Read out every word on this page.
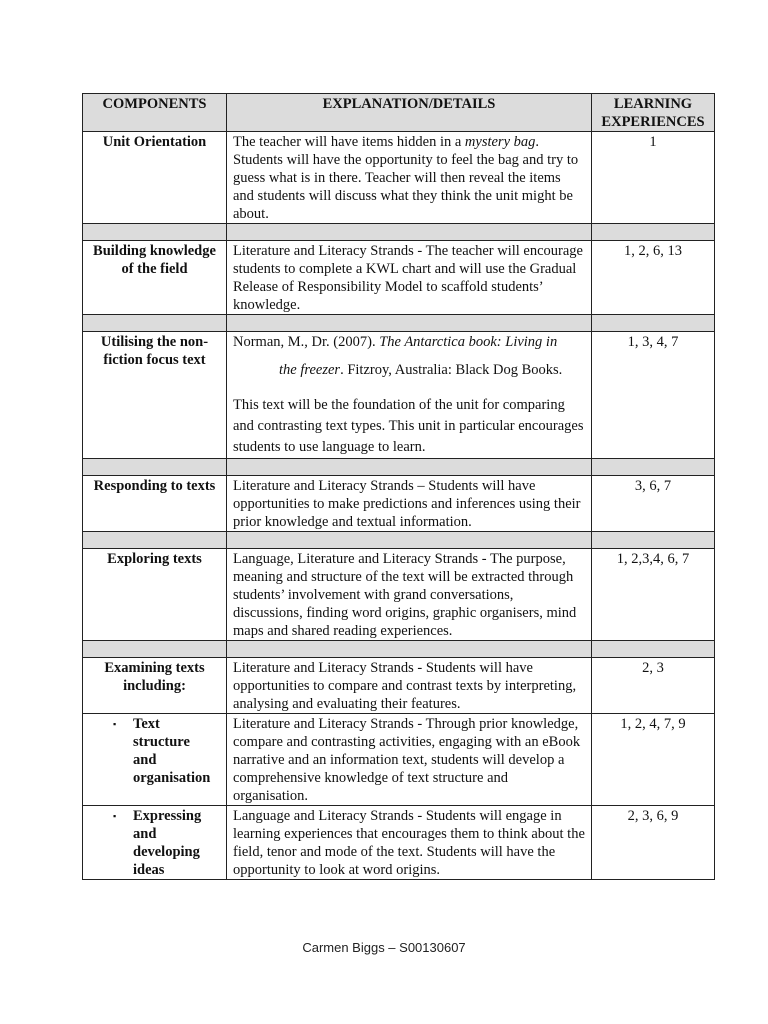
COMPONENTS	EXPLANATION/DETAILS	LEARNING EXPERIENCES
Unit Orientation	The teacher will have items hidden in a mystery bag. Students will have the opportunity to feel the bag and try to guess what is in there. Teacher will then reveal the items and students will discuss what they think the unit might be about.	1

Building knowledge of the field	Literature and Literacy Strands - The teacher will encourage students to complete a KWL chart and will use the Gradual Release of Responsibility Model to scaffold students’ knowledge.	1, 2, 6, 13

Utilising the non-fiction focus text	Norman, M., Dr. (2007). The Antarctica book: Living in
the freezer. Fitzroy, Australia: Black Dog Books.
This text will be the foundation of the unit for comparing and contrasting text types. This unit in particular encourages students to use language to learn.	1, 3, 4, 7

Responding to texts	Literature and Literacy Strands – Students will have opportunities to make predictions and inferences using their prior knowledge and textual information.	3, 6, 7

Exploring texts	Language, Literature and Literacy Strands - The purpose, meaning and structure of the text will be extracted through students’ involvement with grand conversations, discussions, finding word origins, graphic organisers, mind maps and shared reading experiences.	1, 2,3,4, 6, 7

Examining texts including:	Literature and Literacy Strands - Students will have opportunities to compare and contrast texts by interpreting, analysing and evaluating their features.	2, 3

▪ Text structure and organisation	Literature and Literacy Strands - Through prior knowledge, compare and contrasting activities, engaging with an eBook narrative and an information text, students will develop a comprehensive knowledge of text structure and organisation.	1, 2, 4, 7, 9

▪ Expressing and developing ideas	Language and Literacy Strands - Students will engage in learning experiences that encourages them to think about the field, tenor and mode of the text. Students will have the opportunity to look at word origins.	2, 3, 6, 9
Carmen Biggs – S00130607
